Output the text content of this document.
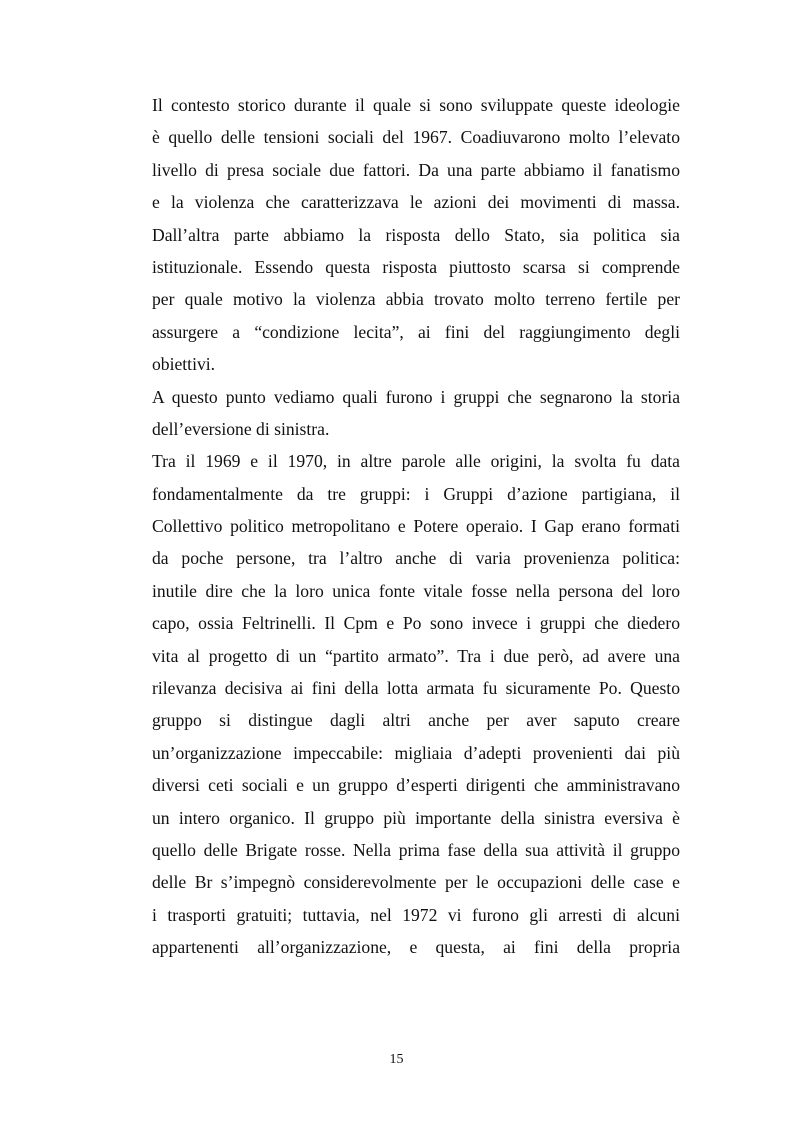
Il contesto storico durante il quale si sono sviluppate queste ideologie
è quello delle tensioni sociali del 1967. Coadiuvarono molto l’elevato
livello di presa sociale due fattori. Da una parte abbiamo il fanatismo
e la violenza che caratterizzava le azioni dei movimenti di massa.
Dall’altra parte abbiamo la risposta dello Stato, sia politica sia
istituzionale. Essendo questa risposta piuttosto scarsa si comprende
per quale motivo la violenza abbia trovato molto terreno fertile per
assurgere a “condizione lecita”, ai fini del raggiungimento degli
obiettivi.
A questo punto vediamo quali furono i gruppi che segnarono la storia
dell’eversione di sinistra.
Tra il 1969 e il 1970, in altre parole alle origini, la svolta fu data
fondamentalmente da tre gruppi: i Gruppi d’azione partigiana, il
Collettivo politico metropolitano e Potere operaio. I Gap erano formati
da poche persone, tra l’altro anche di varia provenienza politica:
inutile dire che la loro unica fonte vitale fosse nella persona del loro
capo, ossia Feltrinelli. Il Cpm e Po sono invece i gruppi che diedero
vita al progetto di un “partito armato”. Tra i due però, ad avere una
rilevanza decisiva ai fini della lotta armata fu sicuramente Po. Questo
gruppo si distingue dagli altri anche per aver saputo creare
un’organizzazione impeccabile: migliaia d’adepti provenienti dai più
diversi ceti sociali e un gruppo d’esperti dirigenti che amministravano
un intero organico. Il gruppo più importante della sinistra eversiva è
quello delle Brigate rosse. Nella prima fase della sua attività il gruppo
delle Br s’impegnò considerevolmente per le occupazioni delle case e
i trasporti gratuiti; tuttavia, nel 1972 vi furono gli arresti di alcuni
appartenenti all’organizzazione, e questa, ai fini della propria
15
